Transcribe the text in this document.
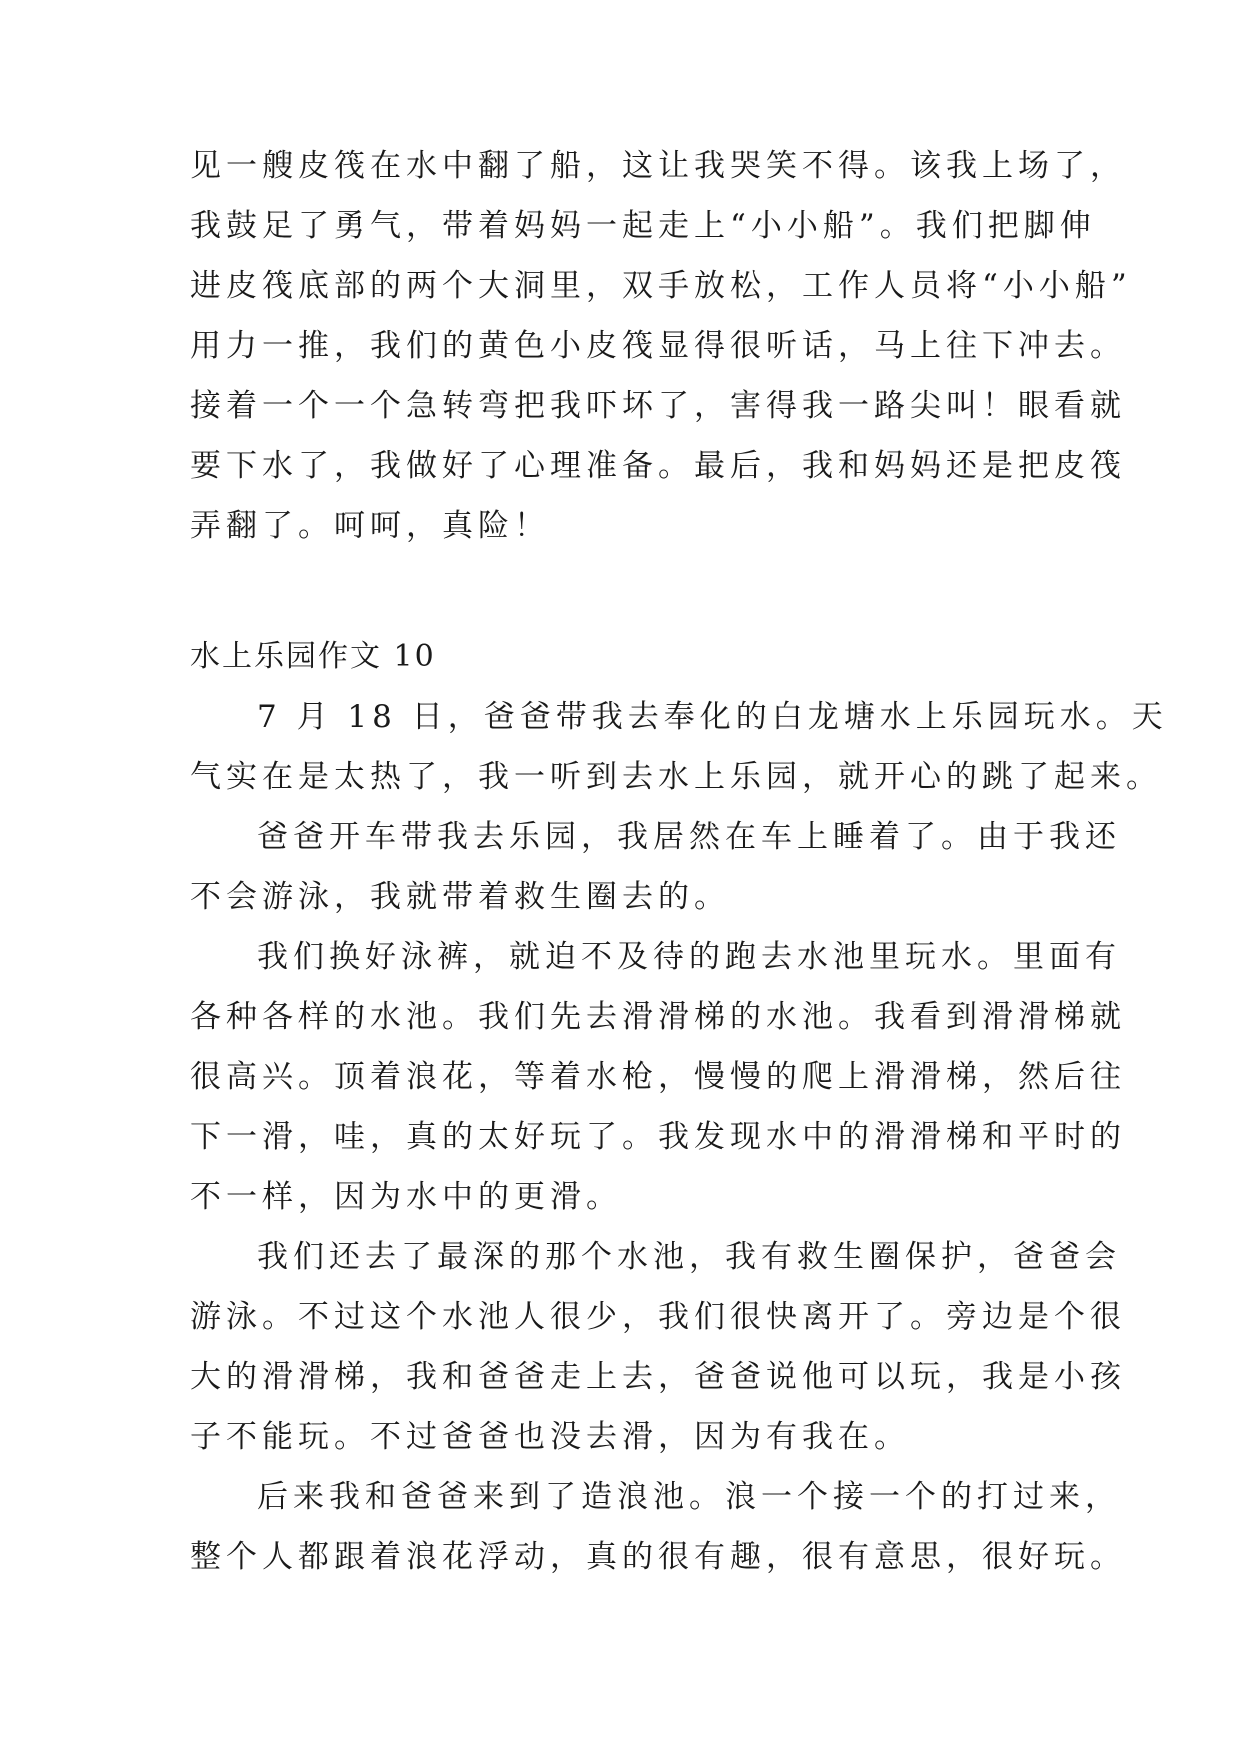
见一艘皮筏在水中翻了船，这让我哭笑不得。该我上场了，
我鼓足了勇气，带着妈妈一起走上“小小船”。我们把脚伸
进皮筏底部的两个大洞里，双手放松，工作人员将“小小船”
用力一推，我们的黄色小皮筏显得很听话，马上往下冲去。
接着一个一个急转弯把我吓坏了，害得我一路尖叫！眼看就
要下水了，我做好了心理准备。最后，我和妈妈还是把皮筏
弄翻了。呵呵，真险！
水上乐园作文 10
7 月 18 日，爸爸带我去奉化的白龙塘水上乐园玩水。天
气实在是太热了，我一听到去水上乐园，就开心的跳了起来。
爸爸开车带我去乐园，我居然在车上睡着了。由于我还
不会游泳，我就带着救生圈去的。
我们换好泳裤，就迫不及待的跑去水池里玩水。里面有
各种各样的水池。我们先去滑滑梯的水池。我看到滑滑梯就
很高兴。顶着浪花，等着水枪，慢慢的爬上滑滑梯，然后往
下一滑，哇，真的太好玩了。我发现水中的滑滑梯和平时的
不一样，因为水中的更滑。
我们还去了最深的那个水池，我有救生圈保护，爸爸会
游泳。不过这个水池人很少，我们很快离开了。旁边是个很
大的滑滑梯，我和爸爸走上去，爸爸说他可以玩，我是小孩
子不能玩。不过爸爸也没去滑，因为有我在。
后来我和爸爸来到了造浪池。浪一个接一个的打过来，
整个人都跟着浪花浮动，真的很有趣，很有意思，很好玩。
